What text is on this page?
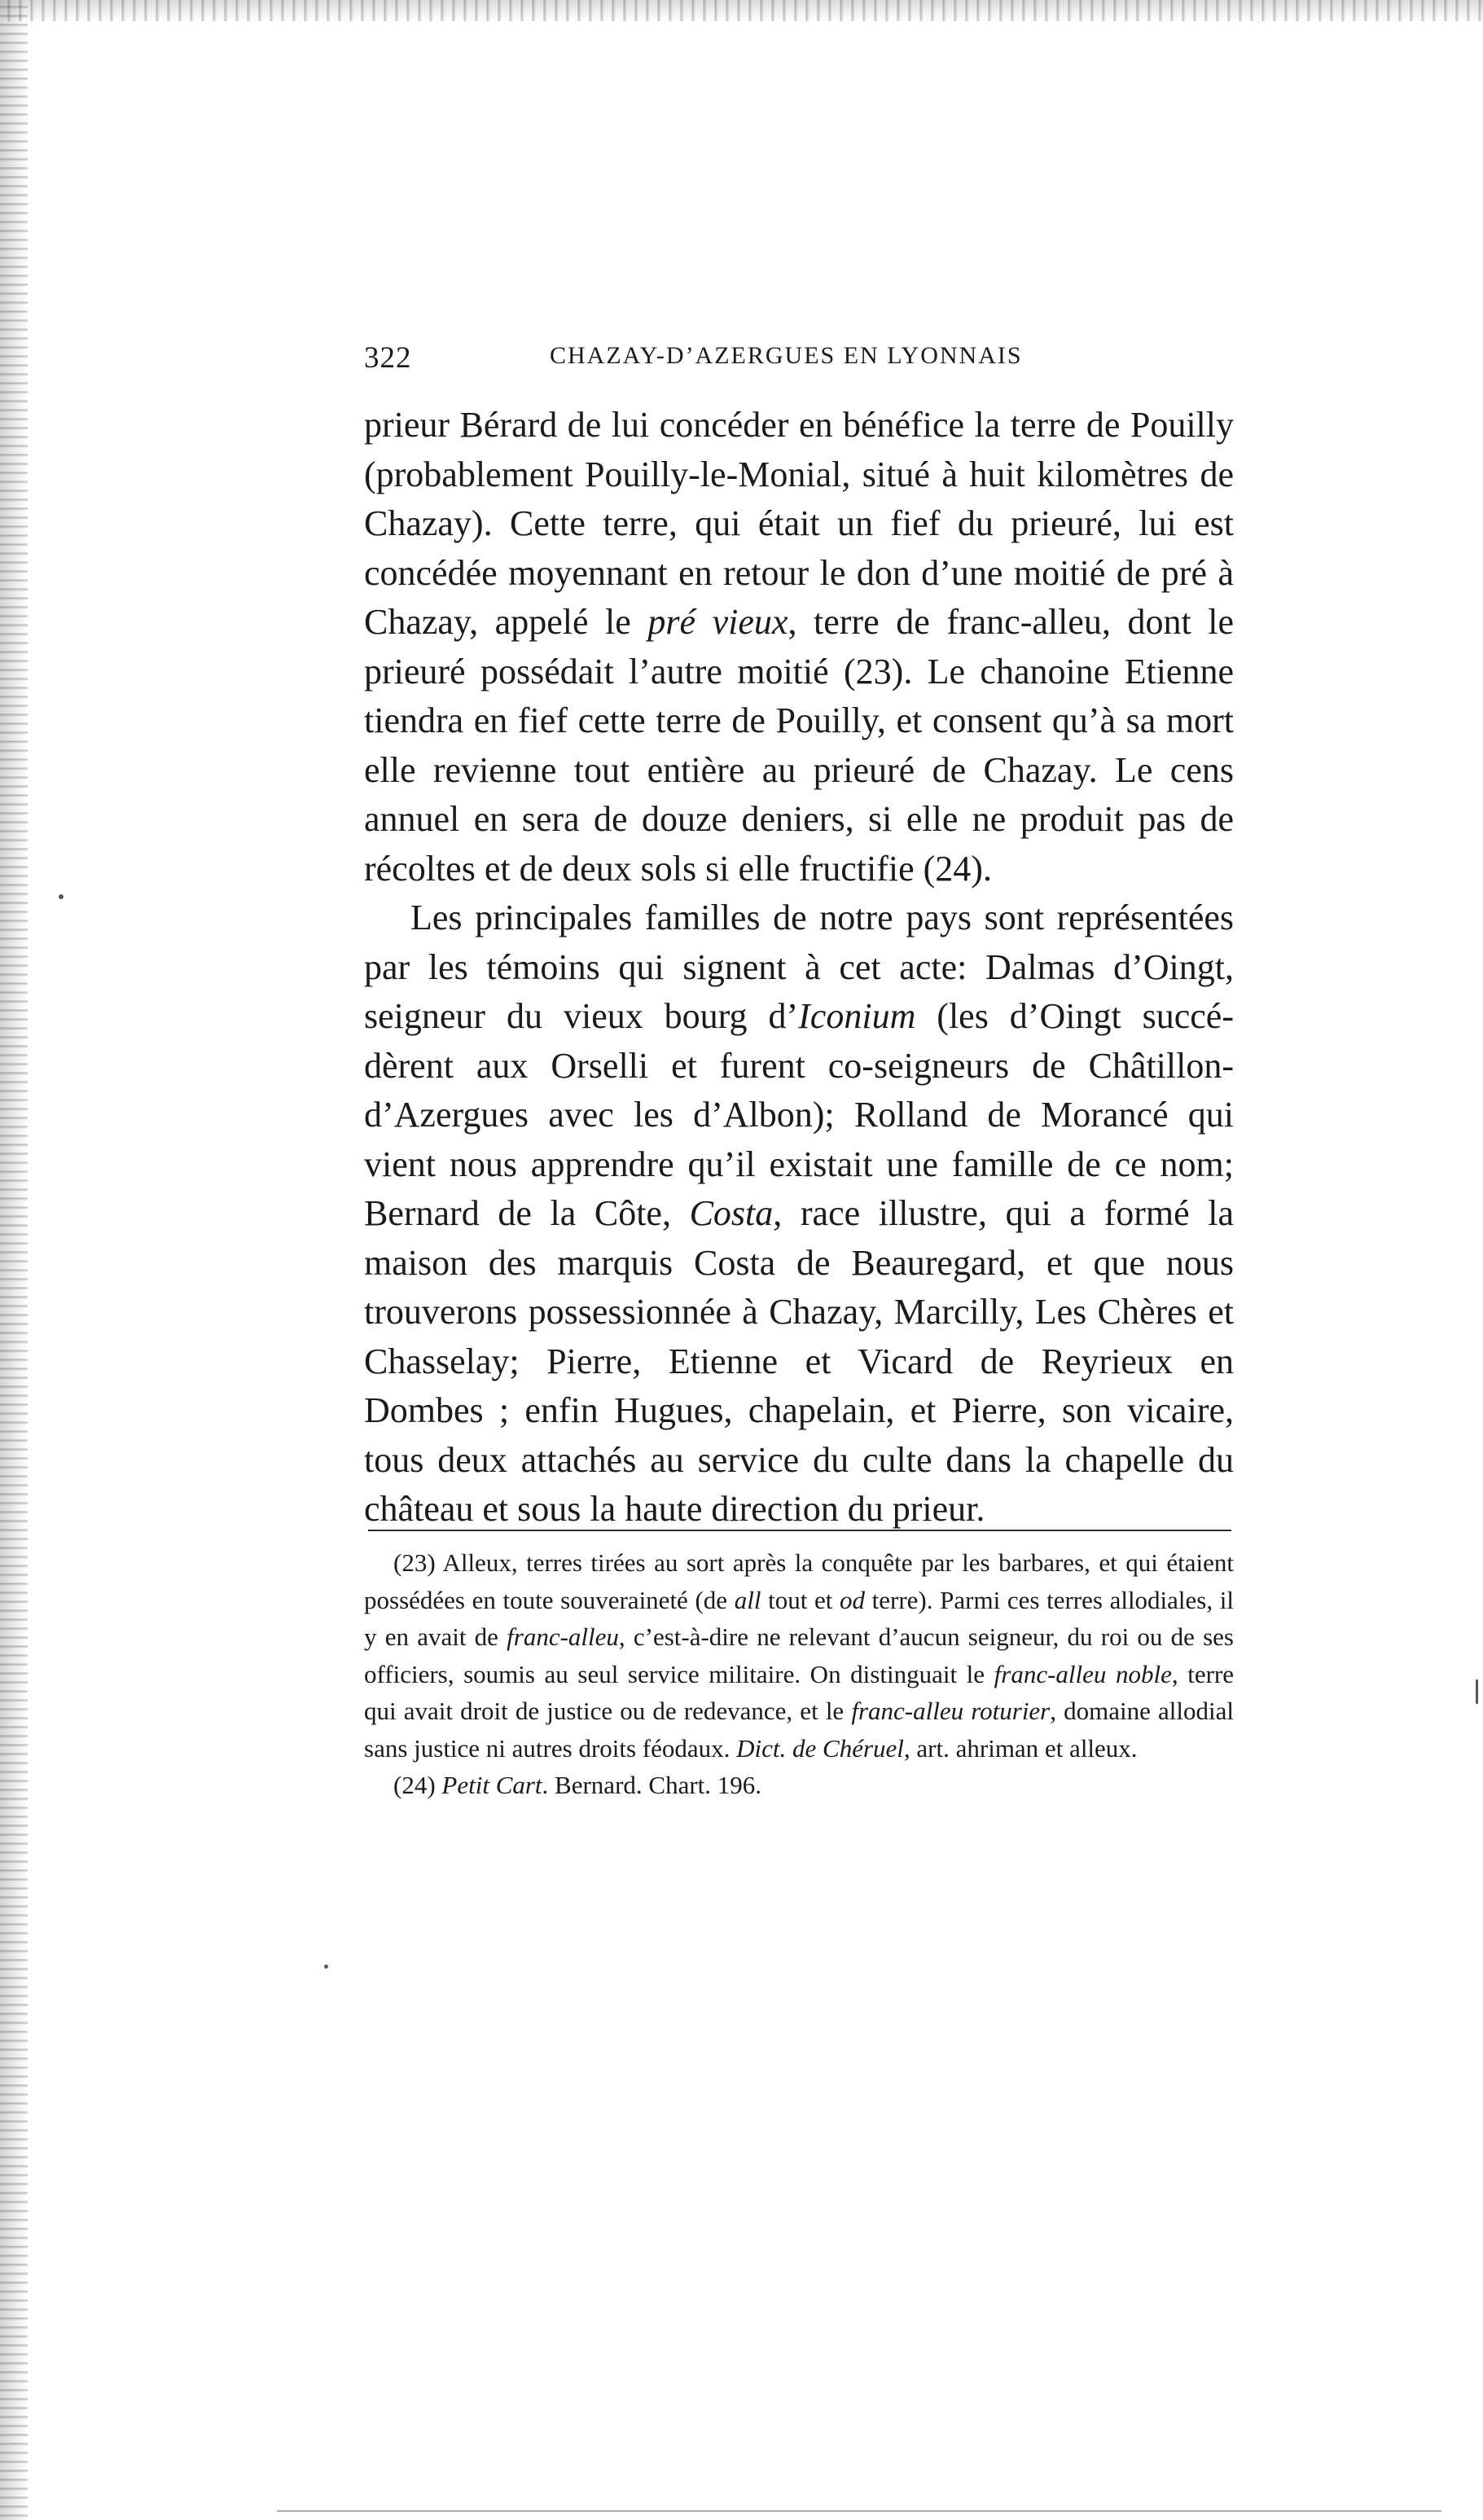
322	CHAZAY-D’AZERGUES EN LYONNAIS

prieur Bérard de lui concéder en bénéfice la terre de Pouilly (probablement Pouilly-le-Monial, situé à huit kilomètres de Chazay). Cette terre, qui était un fief du prieuré, lui est concédée moyennant en retour le don d’une moitié de pré à Chazay, appelé le pré vieux, terre de franc-alleu, dont le prieuré possédait l’autre moitié (23). Le chanoine Etienne tiendra en fief cette terre de Pouilly, et consent qu’à sa mort elle revienne tout entière au prieuré de Chazay. Le cens annuel en sera de douze deniers, si elle ne produit pas de récoltes et de deux sols si elle fructifie (24).

Les principales familles de notre pays sont représentées par les témoins qui signent à cet acte: Dalmas d’Oingt, seigneur du vieux bourg d’Iconium (les d’Oingt succé-dèrent aux Orselli et furent co-seigneurs de Châtillon-d’Azergues avec les d’Albon); Rolland de Morancé qui vient nous apprendre qu’il existait une famille de ce nom; Bernard de la Côte, Costa, race illustre, qui a formé la maison des marquis Costa de Beauregard, et que nous trouverons possessionnée à Chazay, Marcilly, Les Chères et Chasselay; Pierre, Etienne et Vicard de Reyrieux en Dombes ; enfin Hugues, chapelain, et Pierre, son vicaire, tous deux attachés au service du culte dans la chapelle du château et sous la haute direction du prieur.

(23) Alleux, terres tirées au sort après la conquête par les barbares, et qui étaient possédées en toute souveraineté (de all tout et od terre). Parmi ces terres allodiales, il y en avait de franc-alleu, c’est-à-dire ne relevant d’aucun seigneur, du roi ou de ses officiers, soumis au seul service militaire. On distinguait le franc-alleu noble, terre qui avait droit de justice ou de redevance, et le franc-alleu roturier, domaine allodial sans justice ni autres droits féodaux. Dict. de Chéruel, art. ahriman et alleux.

(24) Petit Cart. Bernard. Chart. 196.
